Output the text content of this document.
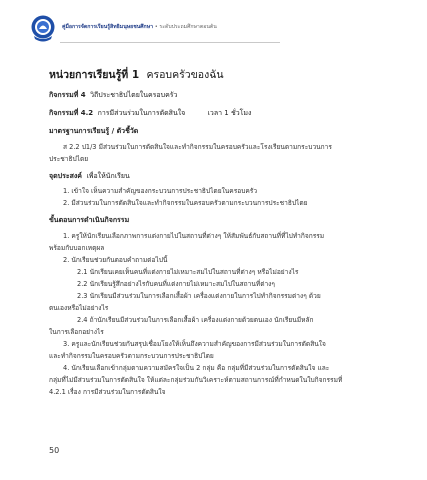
คู่มือการจัดการเรียนรู้สิทธิมนุษยชนศึกษา • ระดับประถมศึกษาตอนต้น
หน่วยการเรียนรู้ที่ 1 ครอบครัวของฉัน
กิจกรรมที่ 4 วิถีประชาธิปไตยในครอบครัว
กิจกรรมที่ 4.2 การมีส่วนร่วมในการตัดสินใจ	เวลา 1 ชั่วโมง
มาตรฐานการเรียนรู้ / ตัวชี้วัด
ส 2.2 ป1/3 มีส่วนร่วมในการตัดสินใจและทำกิจกรรมในครอบครัวและโรงเรียนตามกระบวนการ
ประชาธิปไตย
จุดประสงค์ เพื่อให้นักเรียน
1. เข้าใจ เห็นความสำคัญของกระบวนการประชาธิปไตยในครอบครัว
2. มีส่วนร่วมในการตัดสินใจและทำกิจกรรมในครอบครัวตามกระบวนการประชาธิปไตย
ขั้นตอนการดำเนินกิจกรรม
1. ครูให้นักเรียนเลือกภาพการแต่งกายไปในสถานที่ต่างๆ ให้สัมพันธ์กับสถานที่ที่ไปทำกิจกรรม
พร้อมกับบอกเหตุผล
2. นักเรียนช่วยกันตอบคำถามต่อไปนี้
2.1 นักเรียนเคยเห็นคนที่แต่งกายไม่เหมาะสมไปในสถานที่ต่างๆ หรือไม่อย่างไร
2.2 นักเรียนรู้สึกอย่างไรกับคนที่แต่งกายไม่เหมาะสมไปในสถานที่ต่างๆ
2.3 นักเรียนมีส่วนร่วมในการเลือกเสื้อผ้า เครื่องแต่งกายในการไปทำกิจกรรมต่างๆ ด้วย
ตนเองหรือไม่อย่างไร
2.4 ถ้านักเรียนมีส่วนร่วมในการเลือกเสื้อผ้า เครื่องแต่งกายด้วยตนเอง นักเรียนมีหลัก
ในการเลือกอย่างไร
3. ครูและนักเรียนช่วยกันสรุปเชื่อมโยงให้เห็นถึงความสำคัญของการมีส่วนร่วมในการตัดสินใจ
และทำกิจกรรมในครอบครัวตามกระบวนการประชาธิปไตย
4. นักเรียนเลือกเข้ากลุ่มตามความสมัครใจเป็น 2 กลุ่ม คือ กลุ่มที่มีส่วนร่วมในการตัดสินใจ และ
กลุ่มที่ไม่มีส่วนร่วมในการตัดสินใจ ให้แต่ละกลุ่มร่วมกันวิเคราะห์ตามสถานการณ์ที่กำหนดในใบกิจกรรมที่
4.2.1 เรื่อง การมีส่วนร่วมในการตัดสินใจ
50
